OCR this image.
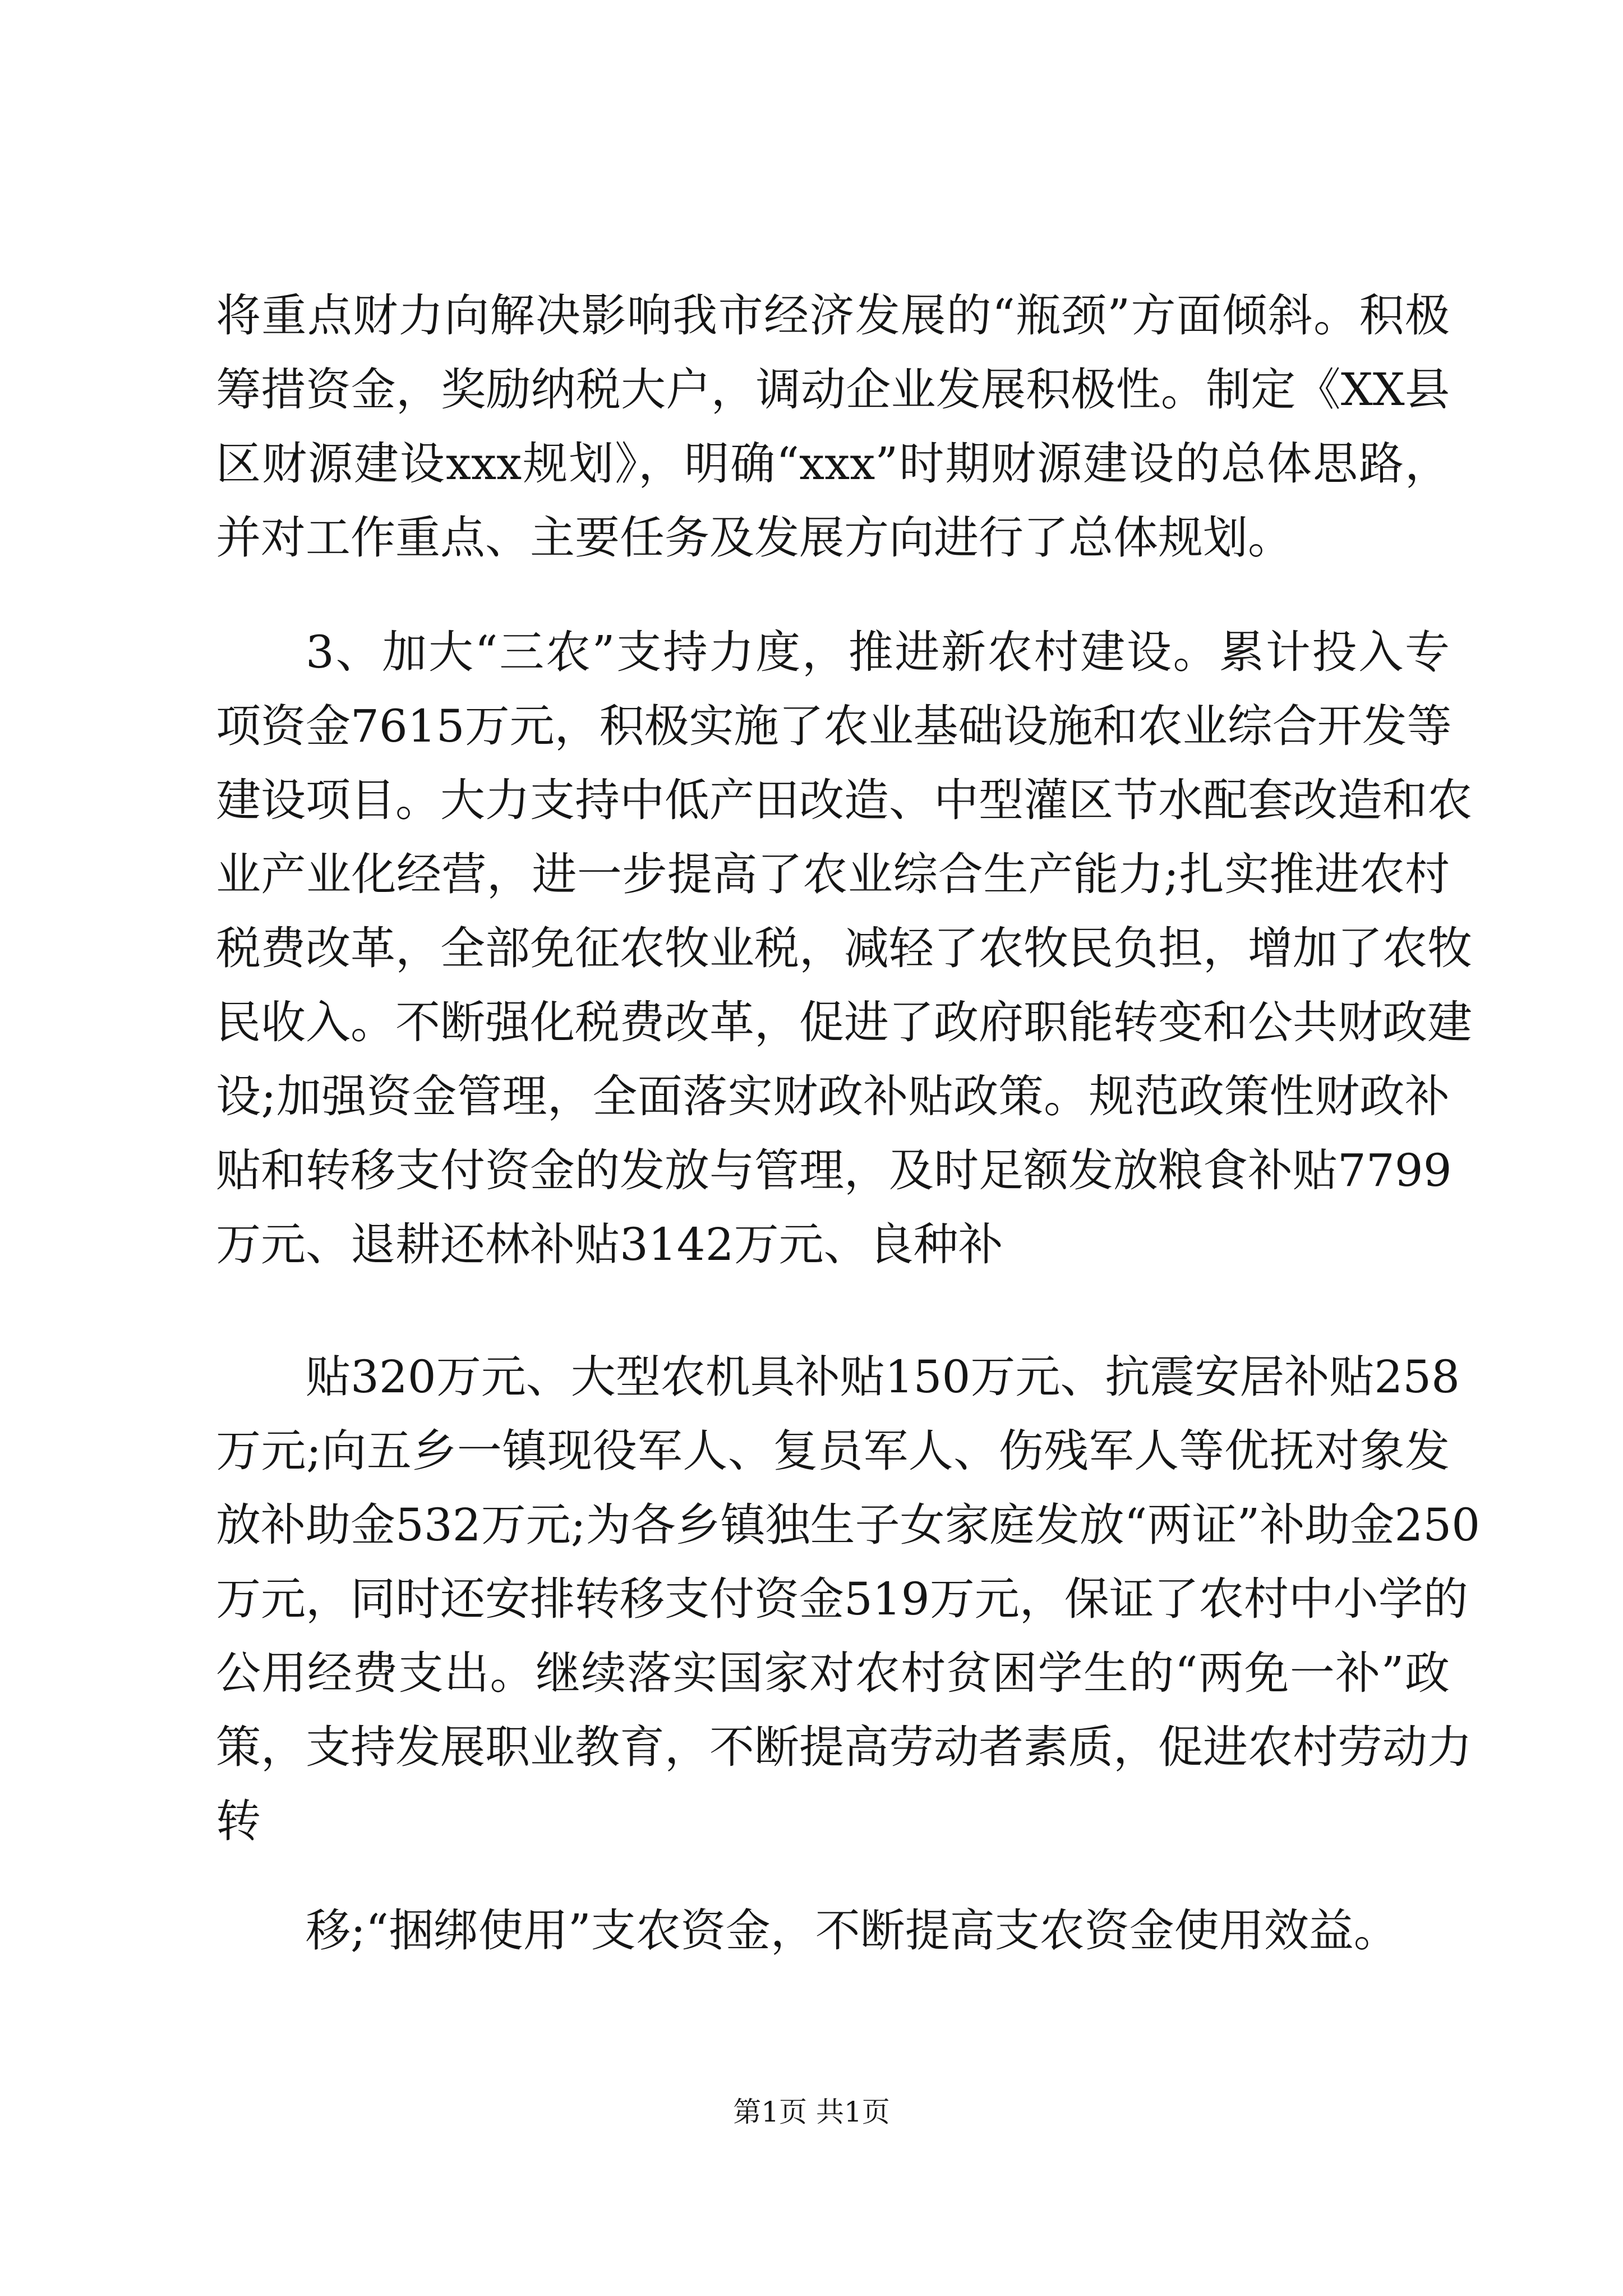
将重点财力向解决影响我市经济发展的“瓶颈”方面倾斜。积极

筹措资金，奖励纳税大户，调动企业发展积极性。制定《XX县

区财源建设xxx规划》，明确“xxx”时期财源建设的总体思路，

并对工作重点、主要任务及发展方向进行了总体规划。

3、加大“三农”支持力度，推进新农村建设。累计投入专

项资金7615万元，积极实施了农业基础设施和农业综合开发等

建设项目。大力支持中低产田改造、中型灌区节水配套改造和农

业产业化经营，进一步提高了农业综合生产能力;扎实推进农村

税费改革，全部免征农牧业税，减轻了农牧民负担，增加了农牧

民收入。不断强化税费改革，促进了政府职能转变和公共财政建

设;加强资金管理，全面落实财政补贴政策。规范政策性财政补

贴和转移支付资金的发放与管理，及时足额发放粮食补贴7799

万元、退耕还林补贴3142万元、良种补

贴320万元、大型农机具补贴150万元、抗震安居补贴258

万元;向五乡一镇现役军人、复员军人、伤残军人等优抚对象发

放补助金532万元;为各乡镇独生子女家庭发放“两证”补助金250

万元，同时还安排转移支付资金519万元，保证了农村中小学的

公用经费支出。继续落实国家对农村贫困学生的“两免一补”政

策，支持发展职业教育，不断提高劳动者素质，促进农村劳动力

转

移;“捆绑使用”支农资金，不断提高支农资金使用效益。

第1页 共1页
